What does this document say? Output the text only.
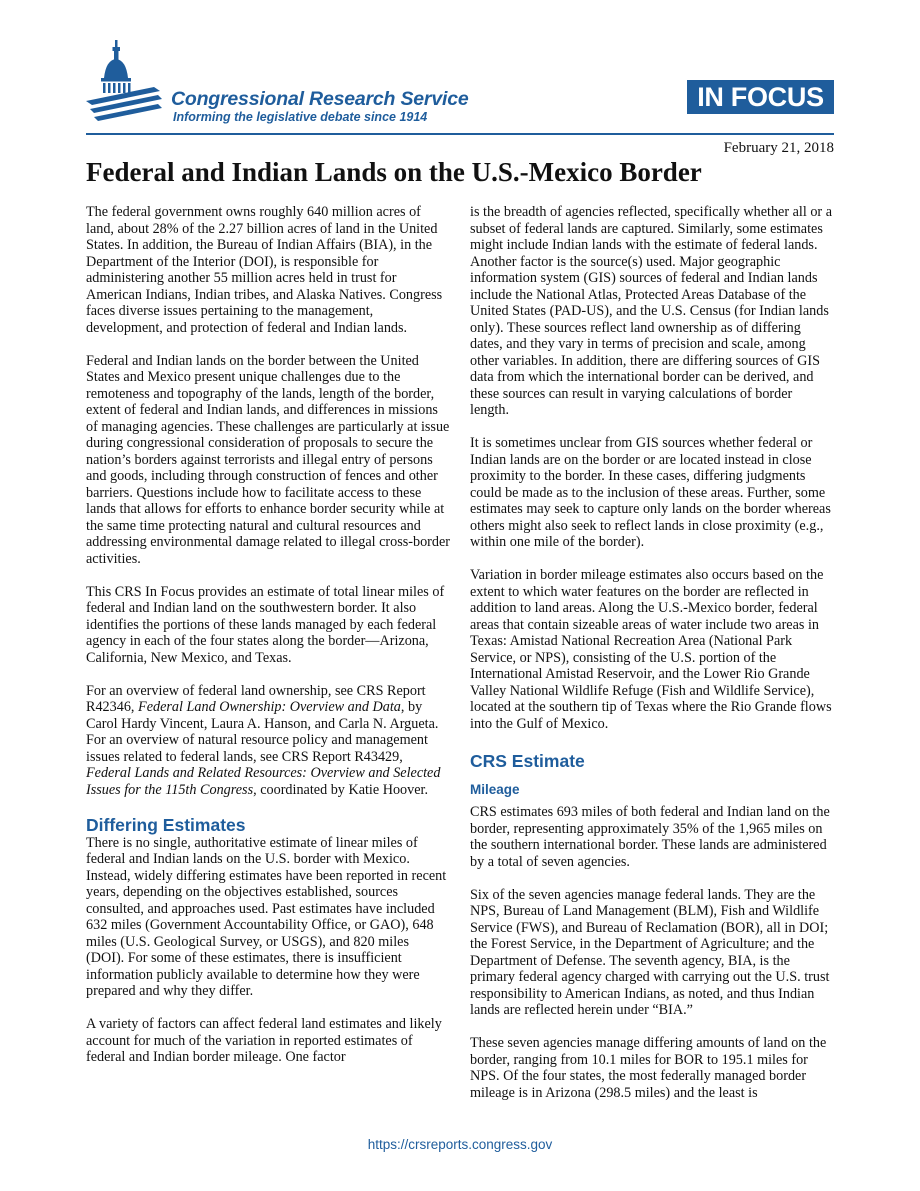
Congressional Research Service
Informing the legislative debate since 1914
IN FOCUS
February 21, 2018
Federal and Indian Lands on the U.S.-Mexico Border

The federal government owns roughly 640 million acres of land, about 28% of the 2.27 billion acres of land in the United States. In addition, the Bureau of Indian Affairs (BIA), in the Department of the Interior (DOI), is responsible for administering another 55 million acres held in trust for American Indians, Indian tribes, and Alaska Natives. Congress faces diverse issues pertaining to the management, development, and protection of federal and Indian lands.

Federal and Indian lands on the border between the United States and Mexico present unique challenges due to the remoteness and topography of the lands, length of the border, extent of federal and Indian lands, and differences in missions of managing agencies. These challenges are particularly at issue during congressional consideration of proposals to secure the nation’s borders against terrorists and illegal entry of persons and goods, including through construction of fences and other barriers. Questions include how to facilitate access to these lands that allows for efforts to enhance border security while at the same time protecting natural and cultural resources and addressing environmental damage related to illegal cross-border activities.

This CRS In Focus provides an estimate of total linear miles of federal and Indian land on the southwestern border. It also identifies the portions of these lands managed by each federal agency in each of the four states along the border—Arizona, California, New Mexico, and Texas.

For an overview of federal land ownership, see CRS Report R42346, Federal Land Ownership: Overview and Data, by Carol Hardy Vincent, Laura A. Hanson, and Carla N. Argueta. For an overview of natural resource policy and management issues related to federal lands, see CRS Report R43429, Federal Lands and Related Resources: Overview and Selected Issues for the 115th Congress, coordinated by Katie Hoover.

Differing Estimates

There is no single, authoritative estimate of linear miles of federal and Indian lands on the U.S. border with Mexico. Instead, widely differing estimates have been reported in recent years, depending on the objectives established, sources consulted, and approaches used. Past estimates have included 632 miles (Government Accountability Office, or GAO), 648 miles (U.S. Geological Survey, or USGS), and 820 miles (DOI). For some of these estimates, there is insufficient information publicly available to determine how they were prepared and why they differ.

A variety of factors can affect federal land estimates and likely account for much of the variation in reported estimates of federal and Indian border mileage. One factor

is the breadth of agencies reflected, specifically whether all or a subset of federal lands are captured. Similarly, some estimates might include Indian lands with the estimate of federal lands. Another factor is the source(s) used. Major geographic information system (GIS) sources of federal and Indian lands include the National Atlas, Protected Areas Database of the United States (PAD-US), and the U.S. Census (for Indian lands only). These sources reflect land ownership as of differing dates, and they vary in terms of precision and scale, among other variables. In addition, there are differing sources of GIS data from which the international border can be derived, and these sources can result in varying calculations of border length.

It is sometimes unclear from GIS sources whether federal or Indian lands are on the border or are located instead in close proximity to the border. In these cases, differing judgments could be made as to the inclusion of these areas. Further, some estimates may seek to capture only lands on the border whereas others might also seek to reflect lands in close proximity (e.g., within one mile of the border).

Variation in border mileage estimates also occurs based on the extent to which water features on the border are reflected in addition to land areas. Along the U.S.-Mexico border, federal areas that contain sizeable areas of water include two areas in Texas: Amistad National Recreation Area (National Park Service, or NPS), consisting of the U.S. portion of the International Amistad Reservoir, and the Lower Rio Grande Valley National Wildlife Refuge (Fish and Wildlife Service), located at the southern tip of Texas where the Rio Grande flows into the Gulf of Mexico.

CRS Estimate
Mileage

CRS estimates 693 miles of both federal and Indian land on the border, representing approximately 35% of the 1,965 miles on the southern international border. These lands are administered by a total of seven agencies.

Six of the seven agencies manage federal lands. They are the NPS, Bureau of Land Management (BLM), Fish and Wildlife Service (FWS), and Bureau of Reclamation (BOR), all in DOI; the Forest Service, in the Department of Agriculture; and the Department of Defense. The seventh agency, BIA, is the primary federal agency charged with carrying out the U.S. trust responsibility to American Indians, as noted, and thus Indian lands are reflected herein under “BIA.”

These seven agencies manage differing amounts of land on the border, ranging from 10.1 miles for BOR to 195.1 miles for NPS. Of the four states, the most federally managed border mileage is in Arizona (298.5 miles) and the least is

https://crsreports.congress.gov
